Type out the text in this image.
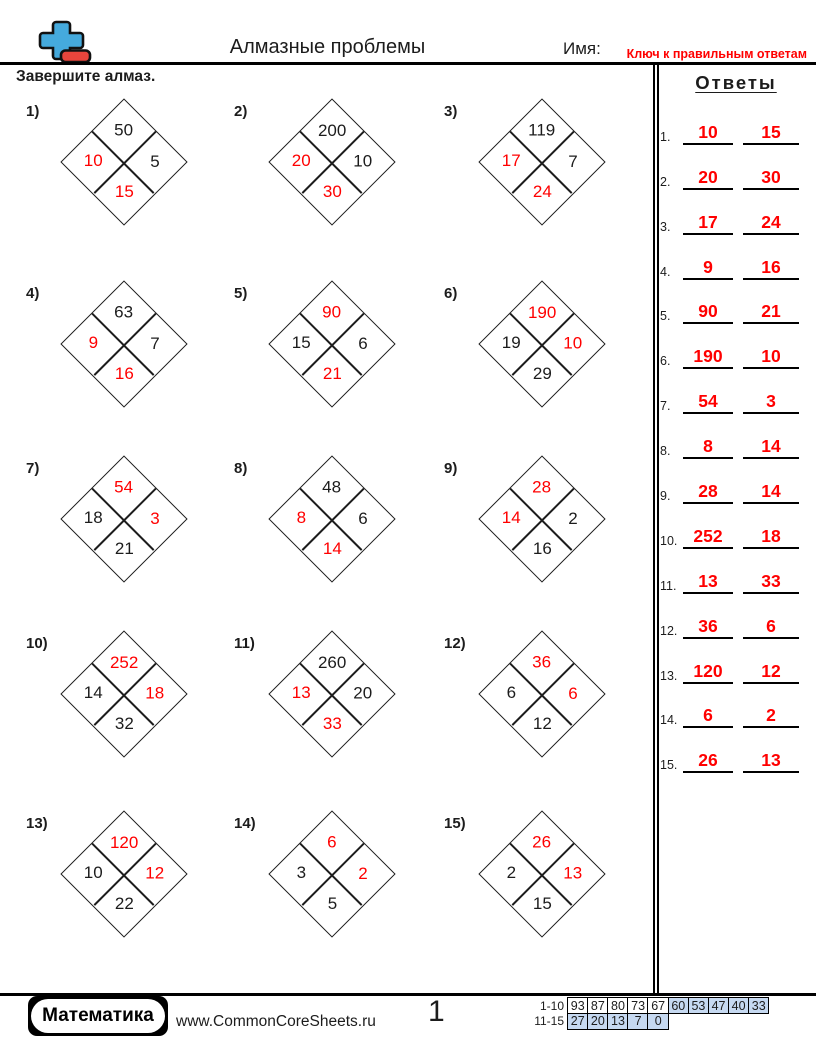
Алмазные проблемы	Имя: Ключ к правильным ответам
Завершите алмаз.
1)
50
5
10
15
2)
200
10
20
30
3)
119
7
17
24
4)
63
7
9
16
5)
90
6
15
21
6)
190
10
19
29
7)
54
3
18
21
8)
48
6
8
14
9)
28
2
14
16
10)
252
18
14
32
11)
260
20
13
33
12)
36
6
6
12
13)
120
12
10
22
14)
6
2
3
5
15)
26
13
2
15
Ответы
1.	10	15
2.	20	30
3.	17	24
4.	9	16
5.	90	21
6.	190	10
7.	54	3
8.	8	14
9.	28	14
10. 252	18
11.	13	33
12.	36	6
13. 120	12
14.	6	2
15.	26	13
Математика	www.CommonCoreSheets.ru 1	1-10 93 87 80 73 67 60 53 47 40 33
11-15 27 20 13 7	0
